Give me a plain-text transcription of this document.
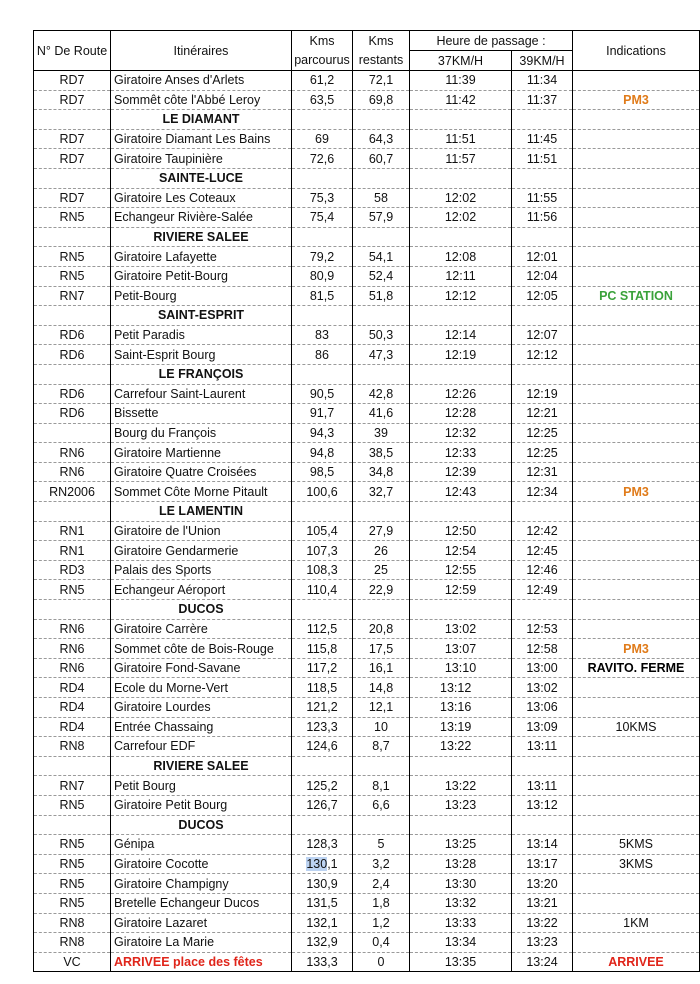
N° De Route	Itinéraires	Kms	Kms	Heure de passage :		Indications
		parcourus	restants	37KM/H	39KM/H	
RD7	Giratoire Anses d'Arlets	61,2	72,1	11:39	11:34	
RD7	Sommêt côte l'Abbé Leroy	63,5	69,8	11:42	11:37	PM3
	LE DIAMANT					
RD7	Giratoire Diamant Les Bains	69	64,3	11:51	11:45	
RD7	Giratoire Taupinière	72,6	60,7	11:57	11:51	
	SAINTE-LUCE					
RD7	Giratoire Les Coteaux	75,3	58	12:02	11:55	
RN5	Echangeur Rivière-Salée	75,4	57,9	12:02	11:56	
	RIVIERE SALEE					
RN5	Giratoire Lafayette	79,2	54,1	12:08	12:01	
RN5	Giratoire Petit-Bourg	80,9	52,4	12:11	12:04	
RN7	Petit-Bourg	81,5	51,8	12:12	12:05	PC STATION
	SAINT-ESPRIT					
RD6	Petit Paradis	83	50,3	12:14	12:07	
RD6	Saint-Esprit Bourg	86	47,3	12:19	12:12	
	LE FRANÇOIS					
RD6	Carrefour Saint-Laurent	90,5	42,8	12:26	12:19	
RD6	Bissette	91,7	41,6	12:28	12:21	
	Bourg du François	94,3	39	12:32	12:25	
RN6	Giratoire Martienne	94,8	38,5	12:33	12:25	
RN6	Giratoire Quatre Croisées	98,5	34,8	12:39	12:31	
RN2006	Sommet Côte Morne Pitault	100,6	32,7	12:43	12:34	PM3
	LE LAMENTIN					
RN1	Giratoire de l'Union	105,4	27,9	12:50	12:42	
RN1	Giratoire Gendarmerie	107,3	26	12:54	12:45	
RD3	Palais des Sports	108,3	25	12:55	12:46	
RN5	Echangeur Aéroport	110,4	22,9	12:59	12:49	
	DUCOS					
RN6	Giratoire Carrère	112,5	20,8	13:02	12:53	
RN6	Sommet côte de Bois-Rouge	115,8	17,5	13:07	12:58	PM3
RN6	Giratoire Fond-Savane	117,2	16,1	13:10	13:00	RAVITO. FERME
RD4	Ecole du Morne-Vert	118,5	14,8	13:12	13:02	
RD4	Giratoire Lourdes	121,2	12,1	13:16	13:06	
RD4	Entrée Chassaing	123,3	10	13:19	13:09	10KMS
RN8	Carrefour EDF	124,6	8,7	13:22	13:11	
	RIVIERE SALEE					
RN7	Petit Bourg	125,2	8,1	13:22	13:11	
RN5	Giratoire Petit Bourg	126,7	6,6	13:23	13:12	
	DUCOS					
RN5	Génipa	128,3	5	13:25	13:14	5KMS
RN5	Giratoire Cocotte	130,1	3,2	13:28	13:17	3KMS
RN5	Giratoire Champigny	130,9	2,4	13:30	13:20	
RN5	Bretelle Echangeur Ducos	131,5	1,8	13:32	13:21	
RN8	Giratoire Lazaret	132,1	1,2	13:33	13:22	1KM
RN8	Giratoire La Marie	132,9	0,4	13:34	13:23	
VC	ARRIVEE place des fêtes	133,3	0	13:35	13:24	ARRIVEE
